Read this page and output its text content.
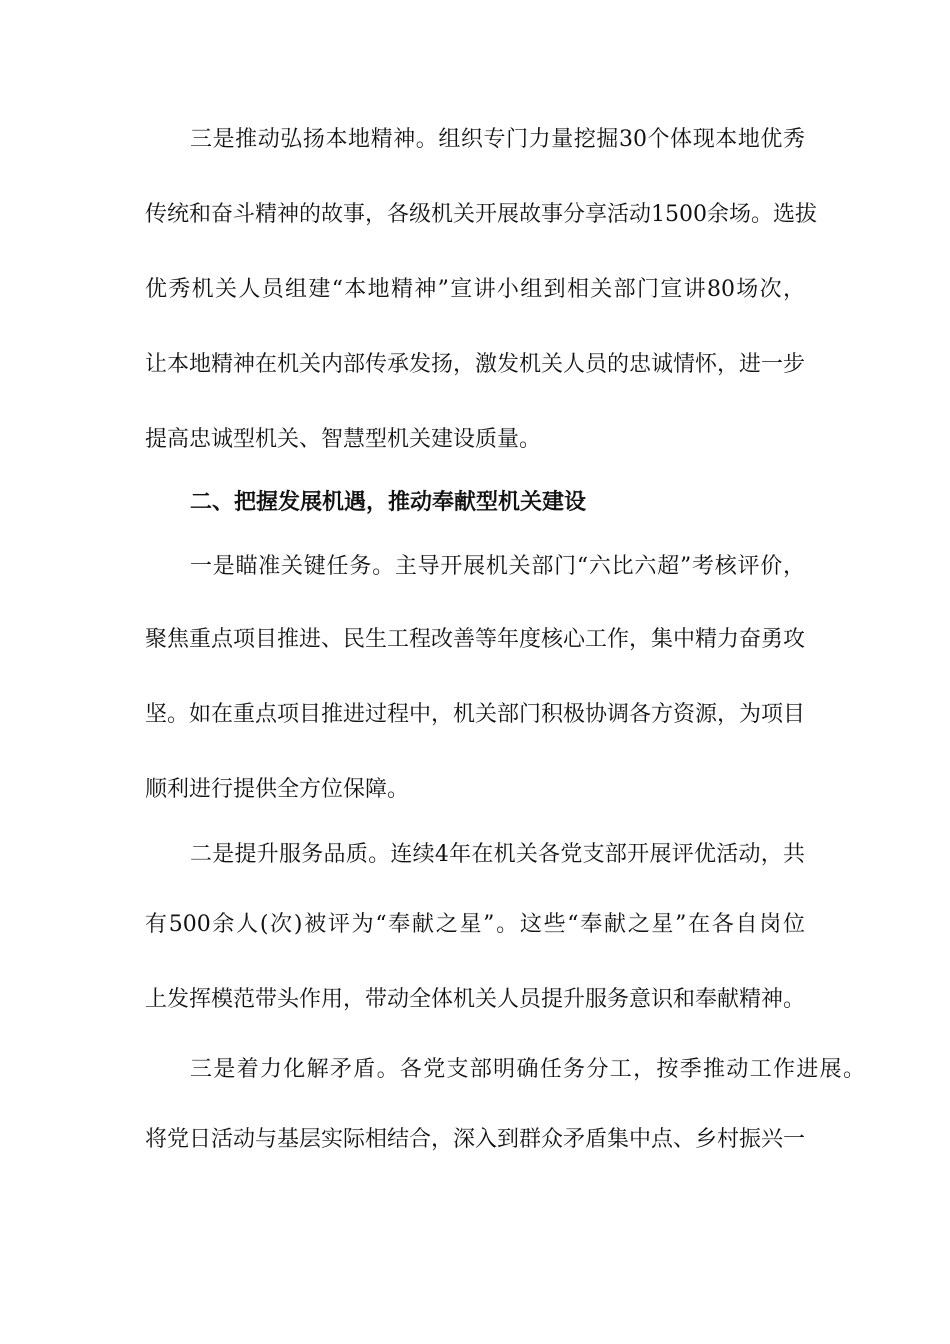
三是推动弘扬本地精神。组织专门力量挖掘30个体现本地优秀
传统和奋斗精神的故事，各级机关开展故事分享活动1500余场。选拔
优秀机关人员组建“本地精神”宣讲小组到相关部门宣讲80场次，
让本地精神在机关内部传承发扬，激发机关人员的忠诚情怀，进一步
提高忠诚型机关、智慧型机关建设质量。
二、把握发展机遇，推动奉献型机关建设
一是瞄准关键任务。主导开展机关部门“六比六超”考核评价，
聚焦重点项目推进、民生工程改善等年度核心工作，集中精力奋勇攻
坚。如在重点项目推进过程中，机关部门积极协调各方资源，为项目
顺利进行提供全方位保障。
二是提升服务品质。连续4年在机关各党支部开展评优活动，共
有500余人(次)被评为“奉献之星”。这些“奉献之星”在各自岗位
上发挥模范带头作用，带动全体机关人员提升服务意识和奉献精神。
三是着力化解矛盾。各党支部明确任务分工，按季推动工作进展。
将党日活动与基层实际相结合，深入到群众矛盾集中点、乡村振兴一
